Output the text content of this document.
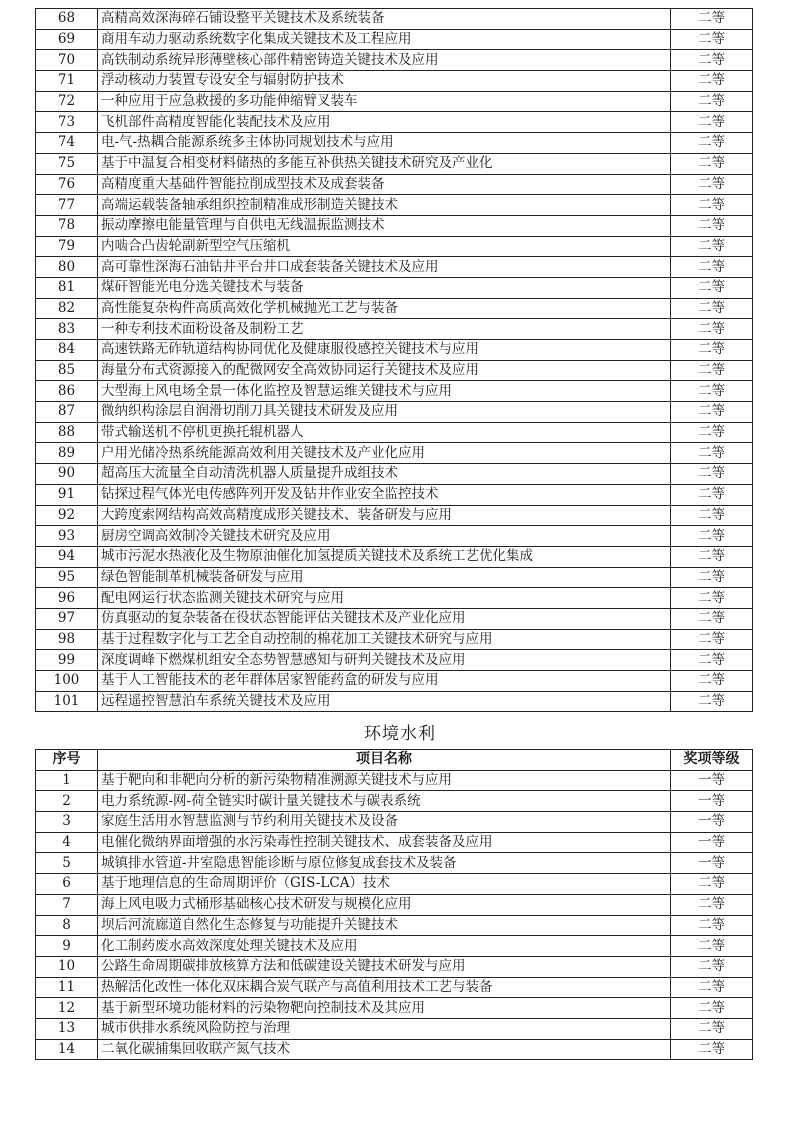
68	高精高效深海碎石铺设整平关键技术及系统装备	二等
69	商用车动力驱动系统数字化集成关键技术及工程应用	二等
70	高铁制动系统异形薄壁核心部件精密铸造关键技术及应用	二等
71	浮动核动力装置专设安全与辐射防护技术	二等
72	一种应用于应急救援的多功能伸缩臂叉装车	二等
73	飞机部件高精度智能化装配技术及应用	二等
74	电-气-热耦合能源系统多主体协同规划技术与应用	二等
75	基于中温复合相变材料储热的多能互补供热关键技术研究及产业化	二等
76	高精度重大基础件智能拉削成型技术及成套装备	二等
77	高端运载装备轴承组织控制精准成形制造关键技术	二等
78	振动摩擦电能量管理与自供电无线温振监测技术	二等
79	内啮合凸齿轮副新型空气压缩机	二等
80	高可靠性深海石油钻井平台井口成套装备关键技术及应用	二等
81	煤矸智能光电分选关键技术与装备	二等
82	高性能复杂构件高质高效化学机械抛光工艺与装备	二等
83	一种专利技术面粉设备及制粉工艺	二等
84	高速铁路无砟轨道结构协同优化及健康服役感控关键技术与应用	二等
85	海量分布式资源接入的配微网安全高效协同运行关键技术及应用	二等
86	大型海上风电场全景一体化监控及智慧运维关键技术与应用	二等
87	微纳织构涂层自润滑切削刀具关键技术研发及应用	二等
88	带式输送机不停机更换托辊机器人	二等
89	户用光储冷热系统能源高效利用关键技术及产业化应用	二等
90	超高压大流量全自动清洗机器人质量提升成组技术	二等
91	钻探过程气体光电传感阵列开发及钻井作业安全监控技术	二等
92	大跨度索网结构高效高精度成形关键技术、装备研发与应用	二等
93	厨房空调高效制冷关键技术研究及应用	二等
94	城市污泥水热液化及生物原油催化加氢提质关键技术及系统工艺优化集成	二等
95	绿色智能制革机械装备研发与应用	二等
96	配电网运行状态监测关键技术研究与应用	二等
97	仿真驱动的复杂装备在役状态智能评估关键技术及产业化应用	二等
98	基于过程数字化与工艺全自动控制的棉花加工关键技术研究与应用	二等
99	深度调峰下燃煤机组安全态势智慧感知与研判关键技术及应用	二等
100	基于人工智能技术的老年群体居家智能药盒的研发与应用	二等
101	远程遥控智慧泊车系统关键技术及应用	二等
环境水利
序号	项目名称	奖项等级
1	基于靶向和非靶向分析的新污染物精准溯源关键技术与应用	一等
2	电力系统源-网-荷全链实时碳计量关键技术与碳表系统	一等
3	家庭生活用水智慧监测与节约利用关键技术及设备	一等
4	电催化微纳界面增强的水污染毒性控制关键技术、成套装备及应用	一等
5	城镇排水管道-井室隐患智能诊断与原位修复成套技术及装备	一等
6	基于地理信息的生命周期评价（GIS-LCA）技术	二等
7	海上风电吸力式桶形基础核心技术研发与规模化应用	二等
8	坝后河流廊道自然化生态修复与功能提升关键技术	二等
9	化工制药废水高效深度处理关键技术及应用	二等
10	公路生命周期碳排放核算方法和低碳建设关键技术研发与应用	二等
11	热解活化改性一体化双床耦合炭气联产与高值利用技术工艺与装备	二等
12	基于新型环境功能材料的污染物靶向控制技术及其应用	二等
13	城市供排水系统风险防控与治理	二等
14	二氧化碳捕集回收联产氮气技术	二等
